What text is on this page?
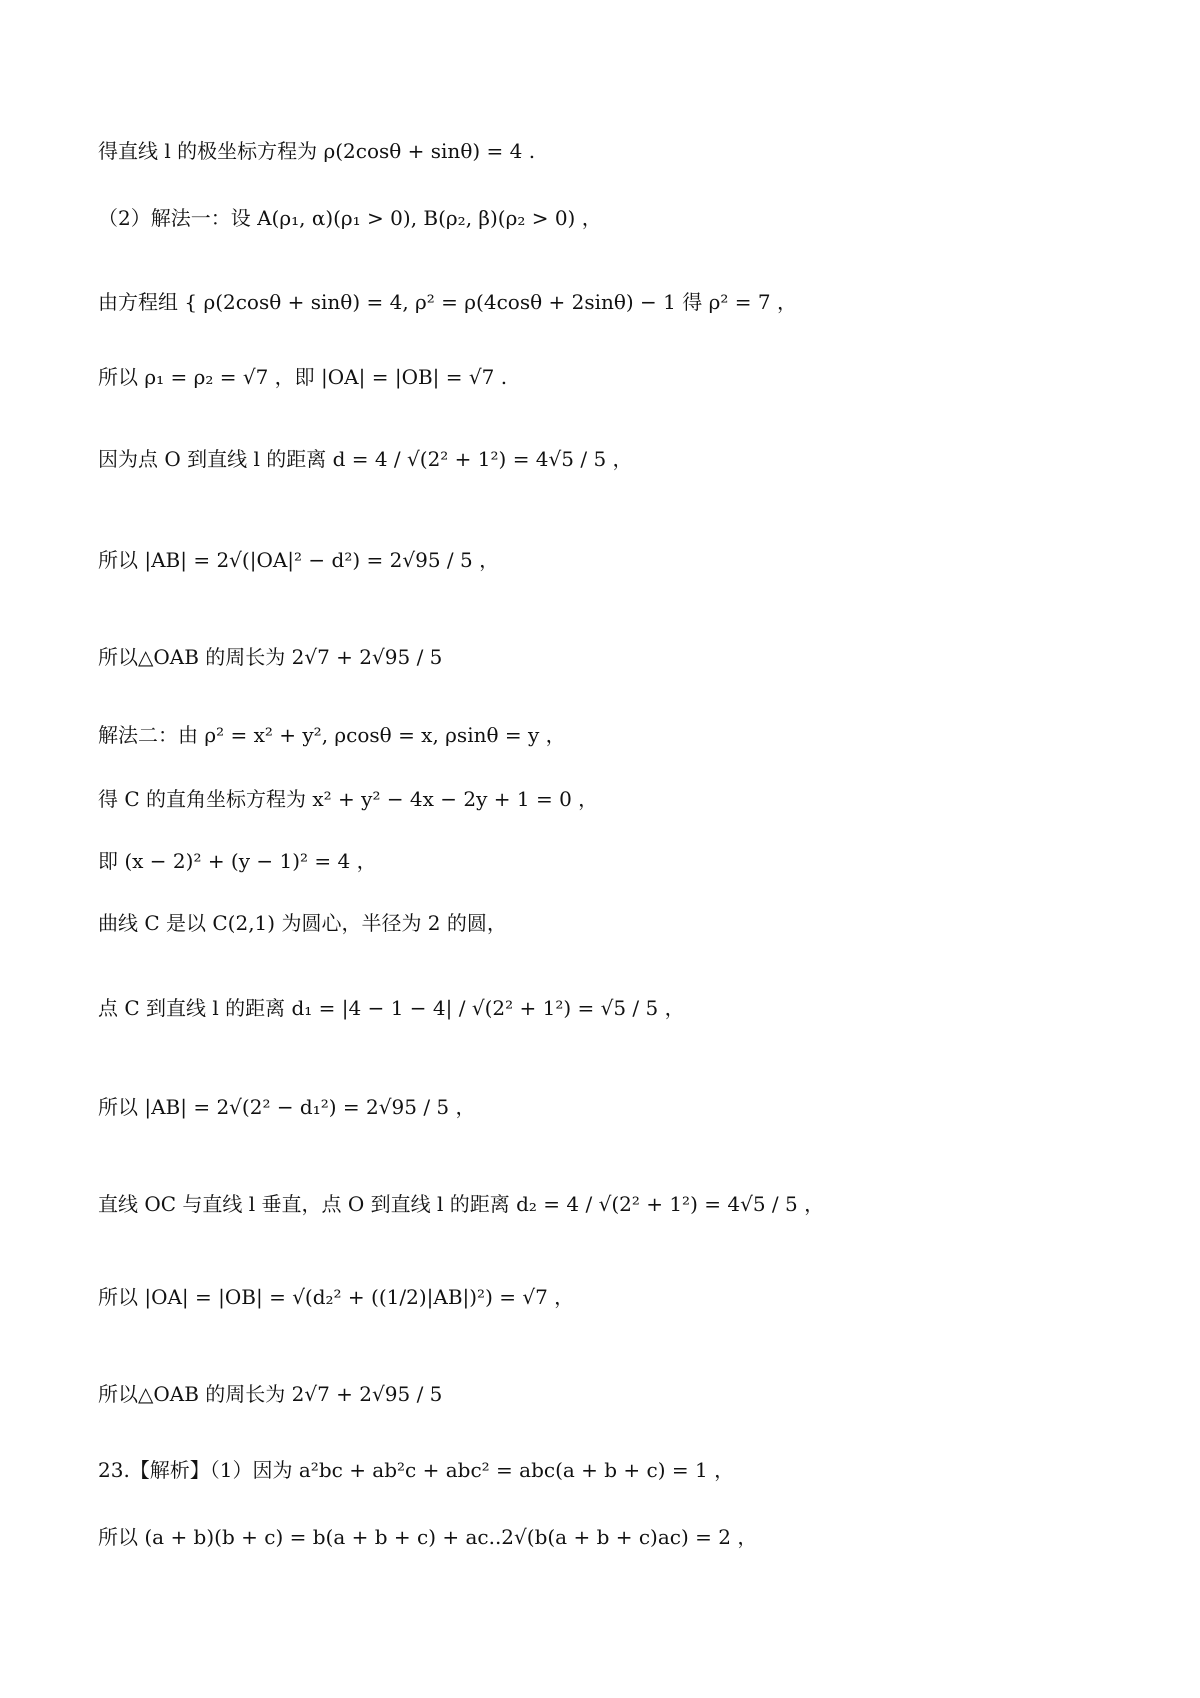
得直线 l 的极坐标方程为 ρ(2cosθ + sinθ) = 4 .
（2）解法一：设 A(ρ₁, α)(ρ₁ > 0), B(ρ₂, β)(ρ₂ > 0) ，
由方程组 { ρ(2cosθ + sinθ) = 4, ρ² = ρ(4cosθ + 2sinθ) − 1 得 ρ² = 7 ，
所以 ρ₁ = ρ₂ = √7 ，即 |OA| = |OB| = √7 .
因为点 O 到直线 l 的距离 d = 4 / √(2² + 1²) = 4√5 / 5 ，
所以 |AB| = 2√(|OA|² − d²) = 2√95 / 5 ，
所以△OAB 的周长为 2√7 + 2√95 / 5
解法二：由 ρ² = x² + y², ρcosθ = x, ρsinθ = y ，
得 C 的直角坐标方程为 x² + y² − 4x − 2y + 1 = 0 ，
即 (x − 2)² + (y − 1)² = 4 ，
曲线 C 是以 C(2,1) 为圆心，半径为 2 的圆，
点 C 到直线 l 的距离 d₁ = |4 − 1 − 4| / √(2² + 1²) = √5 / 5 ，
所以 |AB| = 2√(2² − d₁²) = 2√95 / 5 ，
直线 OC 与直线 l 垂直，点 O 到直线 l 的距离 d₂ = 4 / √(2² + 1²) = 4√5 / 5 ，
所以 |OA| = |OB| = √(d₂² + ((1/2)|AB|)²) = √7 ，
所以△OAB 的周长为 2√7 + 2√95 / 5
23.【解析】（1）因为 a²bc + ab²c + abc² = abc(a + b + c) = 1 ，
所以 (a + b)(b + c) = b(a + b + c) + ac..2√(b(a + b + c)ac) = 2 ，
